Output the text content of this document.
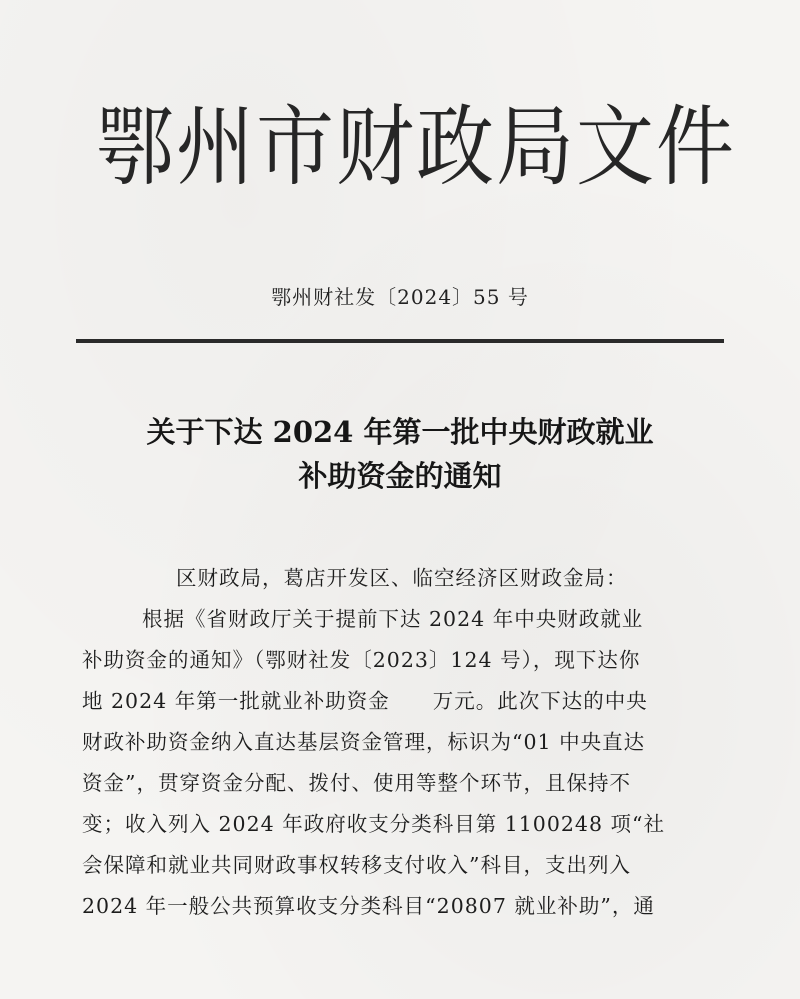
鄂州市财政局文件
鄂州财社发〔2024〕55 号
关于下达 2024 年第一批中央财政就业
补助资金的通知
区财政局，葛店开发区、临空经济区财政金局：
根据《省财政厅关于提前下达 2024 年中央财政就业
补助资金的通知》（鄂财社发〔2023〕124 号），现下达你
地 2024 年第一批就业补助资金　　万元。此次下达的中央
财政补助资金纳入直达基层资金管理，标识为“01 中央直达
资金”，贯穿资金分配、拨付、使用等整个环节，且保持不
变；收入列入 2024 年政府收支分类科目第 1100248 项“社
会保障和就业共同财政事权转移支付收入”科目，支出列入
2024 年一般公共预算收支分类科目“20807 就业补助”，通
